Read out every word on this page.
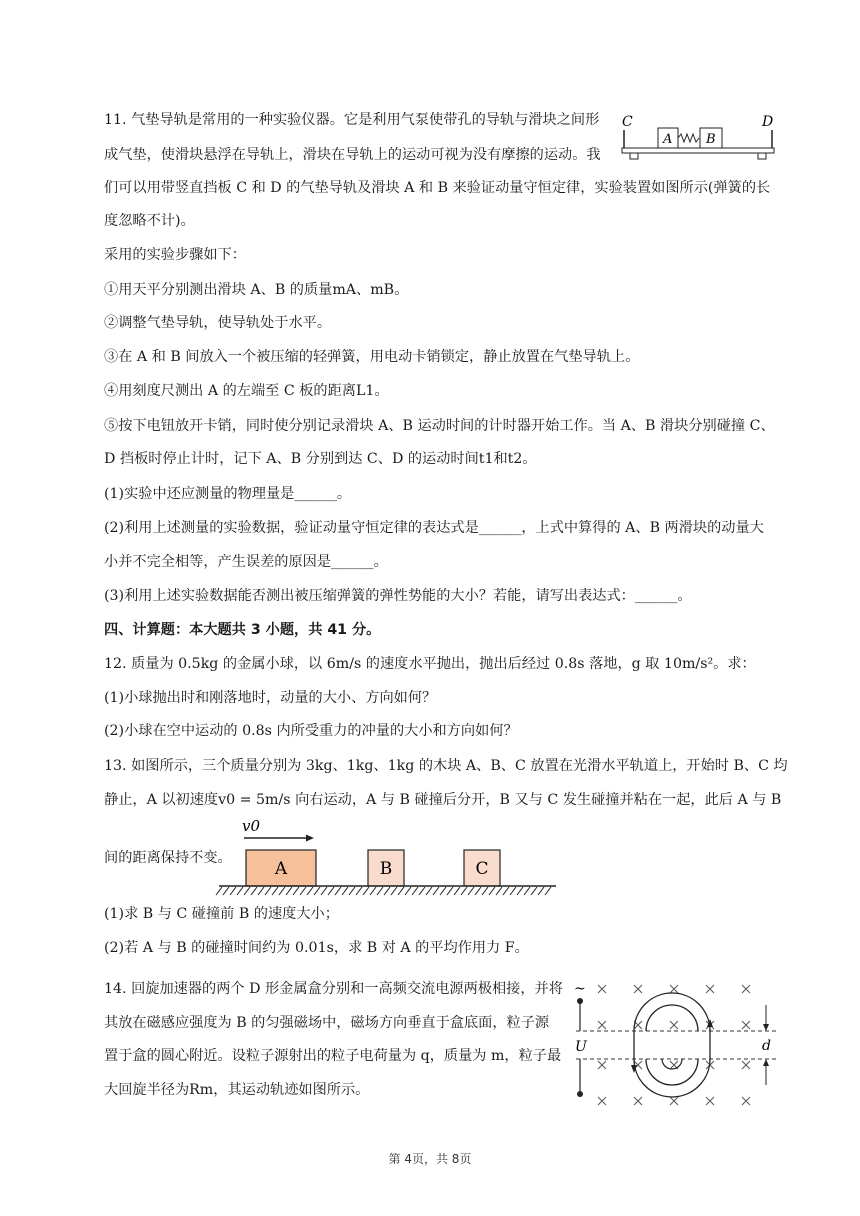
11. 气垫导轨是常用的一种实验仪器。它是利用气泵使带孔的导轨与滑块之间形
成气垫，使滑块悬浮在导轨上，滑块在导轨上的运动可视为没有摩擦的运动。我
们可以用带竖直挡板 C 和 D 的气垫导轨及滑块 A 和 B 来验证动量守恒定律，实验装置如图所示(弹簧的长
度忽略不计)。
采用的实验步骤如下：
①用天平分别测出滑块 A、B 的质量mA、mB。
②调整气垫导轨，使导轨处于水平。
③在 A 和 B 间放入一个被压缩的轻弹簧，用电动卡销锁定，静止放置在气垫导轨上。
④用刻度尺测出 A 的左端至 C 板的距离L1。
⑤按下电钮放开卡销，同时使分别记录滑块 A、B 运动时间的计时器开始工作。当 A、B 滑块分别碰撞 C、
D 挡板时停止计时，记下 A、B 分别到达 C、D 的运动时间t1和t2。
(1)实验中还应测量的物理量是______。
(2)利用上述测量的实验数据，验证动量守恒定律的表达式是______，上式中算得的 A、B 两滑块的动量大
小并不完全相等，产生误差的原因是______。
(3)利用上述实验数据能否测出被压缩弹簧的弹性势能的大小？若能，请写出表达式：______。
C	D
A	B
四、计算题：本大题共 3 小题，共 41 分。
12. 质量为 0.5kg 的金属小球，以 6m/s 的速度水平抛出，抛出后经过 0.8s 落地，g 取 10m/s²。求：
(1)小球抛出时和刚落地时，动量的大小、方向如何？
(2)小球在空中运动的 0.8s 内所受重力的冲量的大小和方向如何？
13. 如图所示，三个质量分别为 3kg、1kg、1kg 的木块 A、B、C 放置在光滑水平轨道上，开始时 B、C 均
静止，A 以初速度v0 = 5m/s 向右运动，A 与 B 碰撞后分开，B 又与 C 发生碰撞并粘在一起，此后 A 与 B
间的距离保持不变。
v0
A	B	C
(1)求 B 与 C 碰撞前 B 的速度大小；
(2)若 A 与 B 的碰撞时间约为 0.01s，求 B 对 A 的平均作用力 F。
14. 回旋加速器的两个 D 形金属盒分别和一高频交流电源两极相接，并将
其放在磁感应强度为 B 的匀强磁场中，磁场方向垂直于盒底面，粒子源
置于盒的圆心附近。设粒子源射出的粒子电荷量为 q，质量为 m，粒子最
大回旋半径为Rm，其运动轨迹如图所示。
~
U	d
第 4页，共 8页
